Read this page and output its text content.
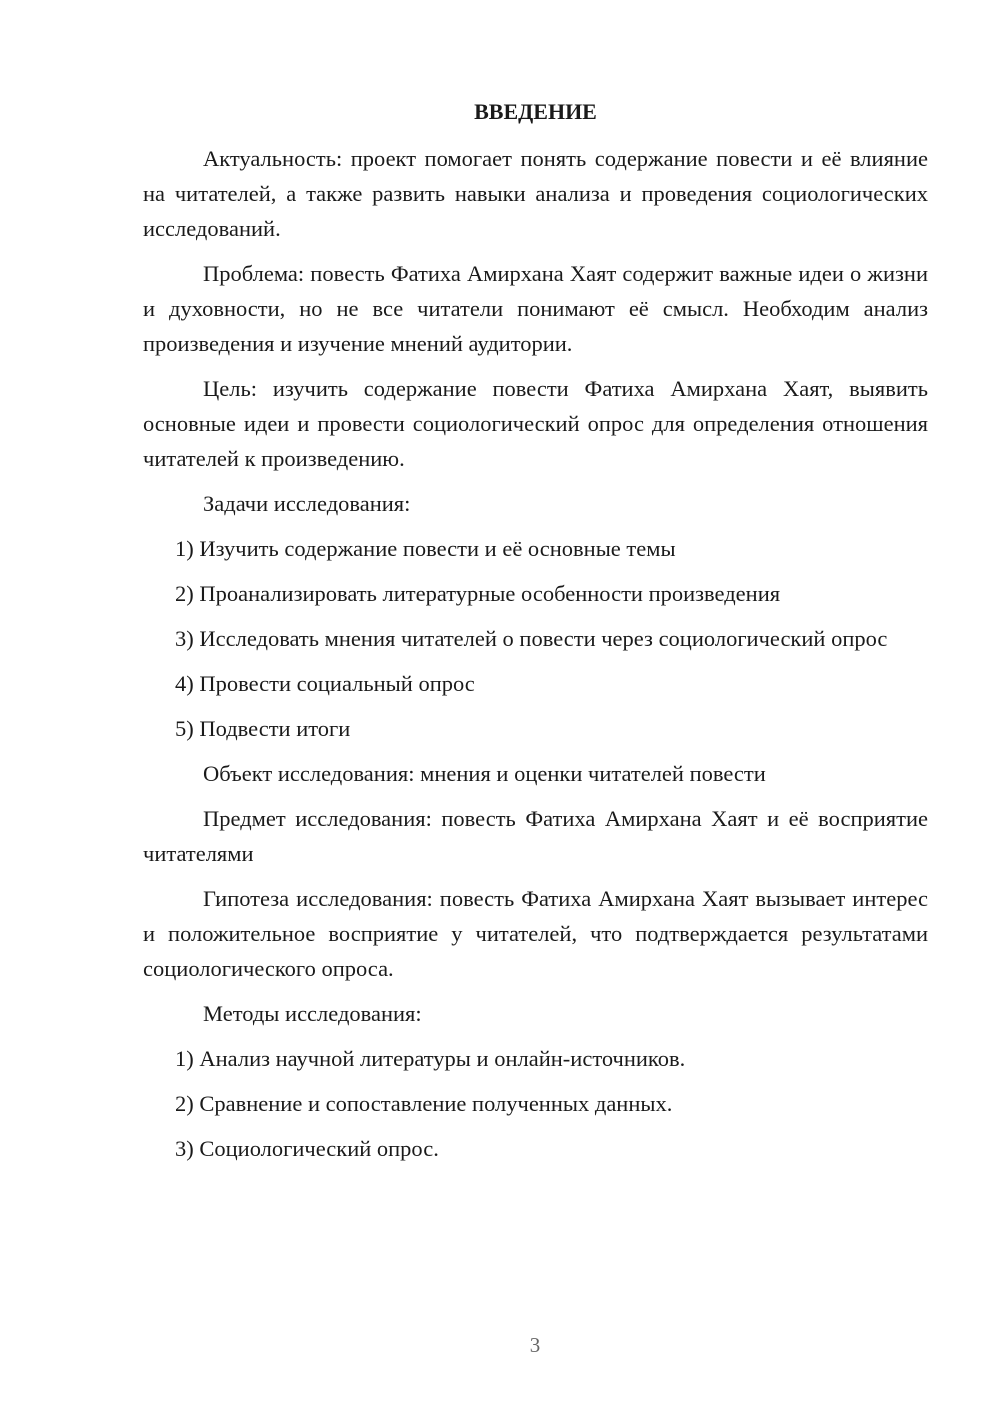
ВВЕДЕНИЕ

Актуальность: проект помогает понять содержание повести и её влияние на читателей, а также развить навыки анализа и проведения социологических исследований.

Проблема: повесть Фатиха Амирхана Хаят содержит важные идеи о жизни и духовности, но не все читатели понимают её смысл. Необходим анализ произведения и изучение мнений аудитории.

Цель: изучить содержание повести Фатиха Амирхана Хаят, выявить основные идеи и провести социологический опрос для определения отношения читателей к произведению.

Задачи исследования:

1) Изучить содержание повести и её основные темы

2) Проанализировать литературные особенности произведения

3) Исследовать мнения читателей о повести через социологический опрос

4) Провести социальный опрос

5) Подвести итоги

Объект исследования: мнения и оценки читателей повести

Предмет исследования: повесть Фатиха Амирхана Хаят и её восприятие читателями

Гипотеза исследования: повесть Фатиха Амирхана Хаят вызывает интерес и положительное восприятие у читателей, что подтверждается результатами социологического опроса.

Методы исследования:

1) Анализ научной литературы и онлайн-источников.

2) Сравнение и сопоставление полученных данных.

3) Социологический опрос.

3
